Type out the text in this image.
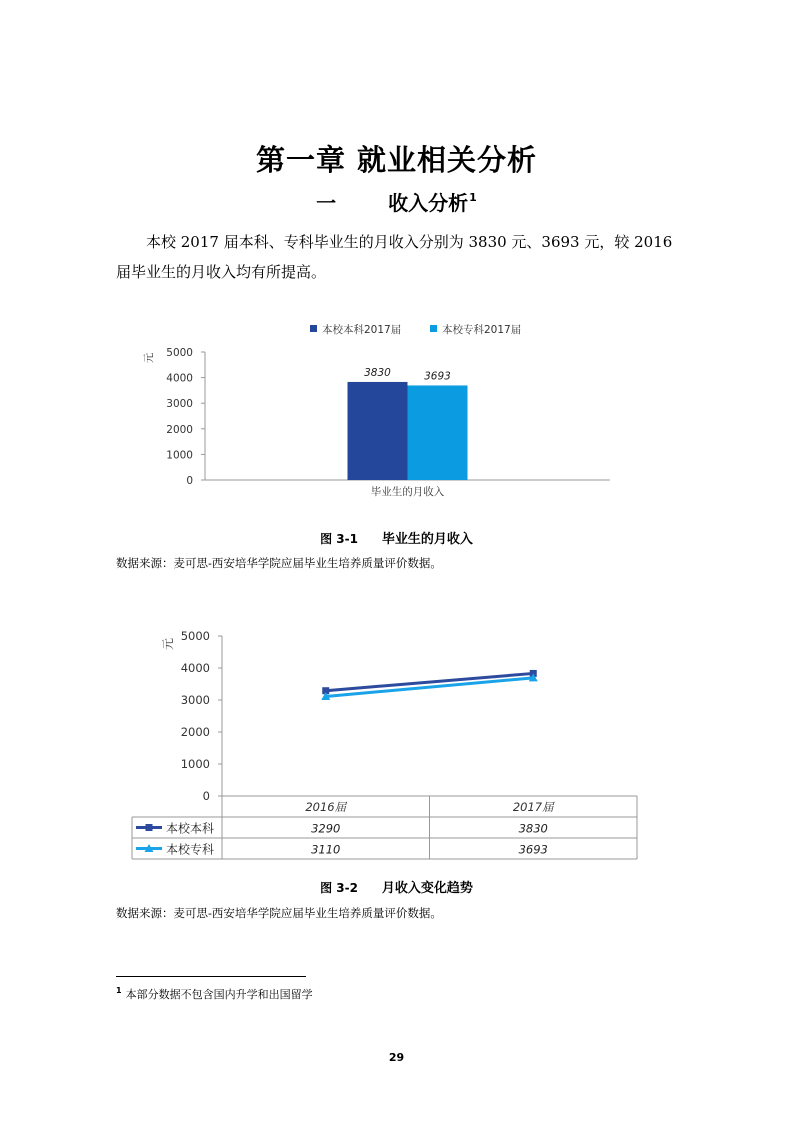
第一章 就业相关分析
一	收入分析$^1$
本校 2017 届本科、专科毕业生的月收入分别为 3830 元、3693 元，较 2016 届毕业生的月收入均有所提高。
本校本科2017届	本校专科2017届
元
0
1000
2000
3000
4000
5000
毕业生的月收入
3830	3693
图 3-1 毕业生的月收入
数据来源：麦可思-西安培华学院应届毕业生培养质量评价数据。
元
0
1000
2000
3000
4000
5000
2016届	2017届
本校本科	3290	3830
本校专科	3110	3693
图 3-2 月收入变化趋势
数据来源：麦可思-西安培华学院应届毕业生培养质量评价数据。
$^1$ 本部分数据不包含国内升学和出国留学
29
